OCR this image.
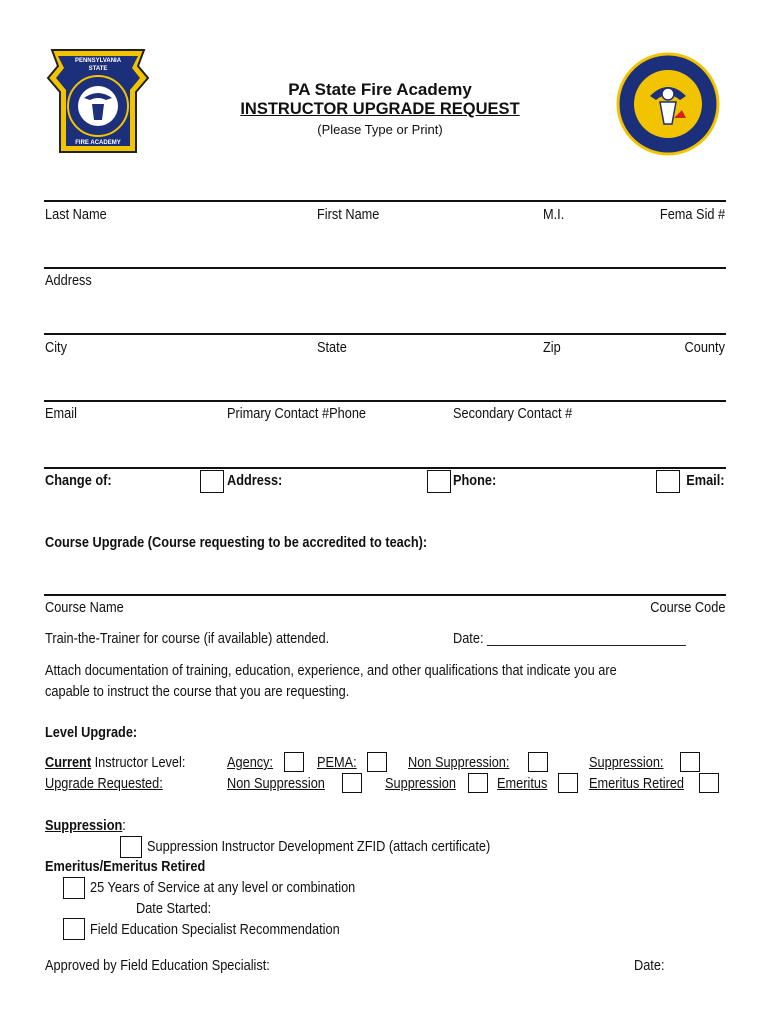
PENNSYLVANIA
STATE
FIRE ACADEMY
PA State Fire Academy
INSTRUCTOR UPGRADE REQUEST
(Please Type or Print)
Last Name	First Name	M.I.	Fema Sid #
Address
City	State	Zip	County
Email	Primary Contact #Phone	Secondary Contact #
Change of:	Address:	Phone:	Email:
Course Upgrade (Course requesting to be accredited to teach):
Course Name	Course Code
Train-the-Trainer for course (if available) attended.	Date: ____________________________
Attach documentation of training, education, experience, and other qualifications that indicate you are
capable to instruct the course that you are requesting.
Level Upgrade:
Current Instructor Level:	Agency:	PEMA:	Non Suppression:	Suppression:
Upgrade Requested:	Non Suppression	Suppression	Emeritus	Emeritus Retired
Suppression:
Suppression Instructor Development ZFID (attach certificate)
Emeritus/Emeritus Retired
25 Years of Service at any level or combination
Date Started:
Field Education Specialist Recommendation
Approved by Field Education Specialist:	Date:
